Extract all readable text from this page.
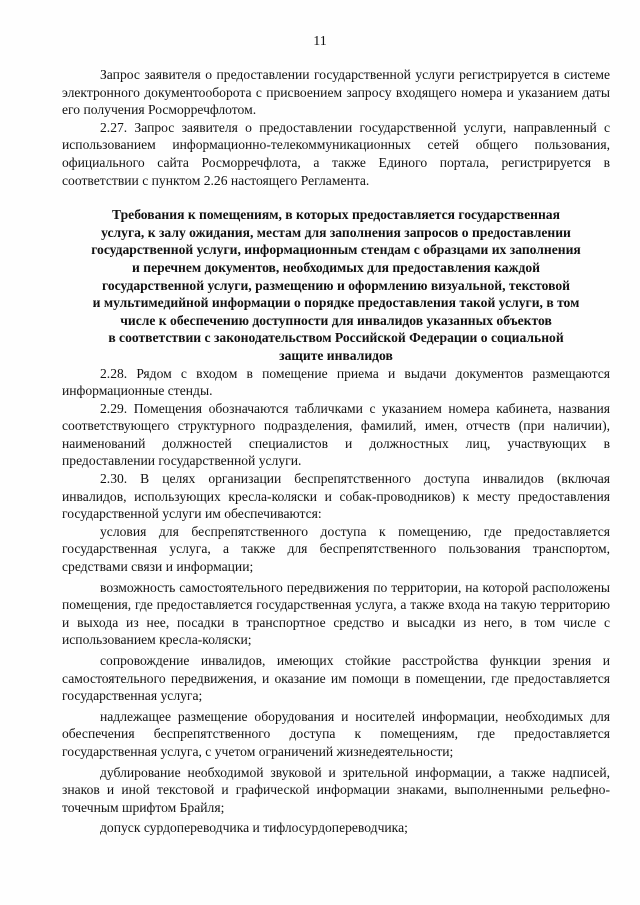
11

Запрос заявителя о предоставлении государственной услуги регистрируется в системе электронного документооборота с присвоением запросу входящего номера и указанием даты его получения Росморречфлотом.

2.27. Запрос заявителя о предоставлении государственной услуги, направленный с использованием информационно-телекоммуникационных сетей общего пользования, официального сайта Росморречфлота, а также Единого портала, регистрируется в соответствии с пунктом 2.26 настоящего Регламента.

Требования к помещениям, в которых предоставляется государственная
услуга, к залу ожидания, местам для заполнения запросов о предоставлении
государственной услуги, информационным стендам с образцами их заполнения
и перечнем документов, необходимых для предоставления каждой
государственной услуги, размещению и оформлению визуальной, текстовой
и мультимедийной информации о порядке предоставления такой услуги, в том
числе к обеспечению доступности для инвалидов указанных объектов
в соответствии с законодательством Российской Федерации о социальной
защите инвалидов

2.28. Рядом с входом в помещение приема и выдачи документов размещаются информационные стенды.

2.29. Помещения обозначаются табличками с указанием номера кабинета, названия соответствующего структурного подразделения, фамилий, имен, отчеств (при наличии), наименований должностей специалистов и должностных лиц, участвующих в предоставлении государственной услуги.

2.30. В целях организации беспрепятственного доступа инвалидов (включая инвалидов, использующих кресла-коляски и собак-проводников) к месту предоставления государственной услуги им обеспечиваются:

условия для беспрепятственного доступа к помещению, где предоставляется государственная услуга, а также для беспрепятственного пользования транспортом, средствами связи и информации;

возможность самостоятельного передвижения по территории, на которой расположены помещения, где предоставляется государственная услуга, а также входа на такую территорию и выхода из нее, посадки в транспортное средство и высадки из него, в том числе с использованием кресла-коляски;

сопровождение инвалидов, имеющих стойкие расстройства функции зрения и самостоятельного передвижения, и оказание им помощи в помещении, где предоставляется государственная услуга;

надлежащее размещение оборудования и носителей информации, необходимых для обеспечения беспрепятственного доступа к помещениям, где предоставляется государственная услуга, с учетом ограничений жизнедеятельности;

дублирование необходимой звуковой и зрительной информации, а также надписей, знаков и иной текстовой и графической информации знаками, выполненными рельефно-точечным шрифтом Брайля;

допуск сурдопереводчика и тифлосурдопереводчика;
